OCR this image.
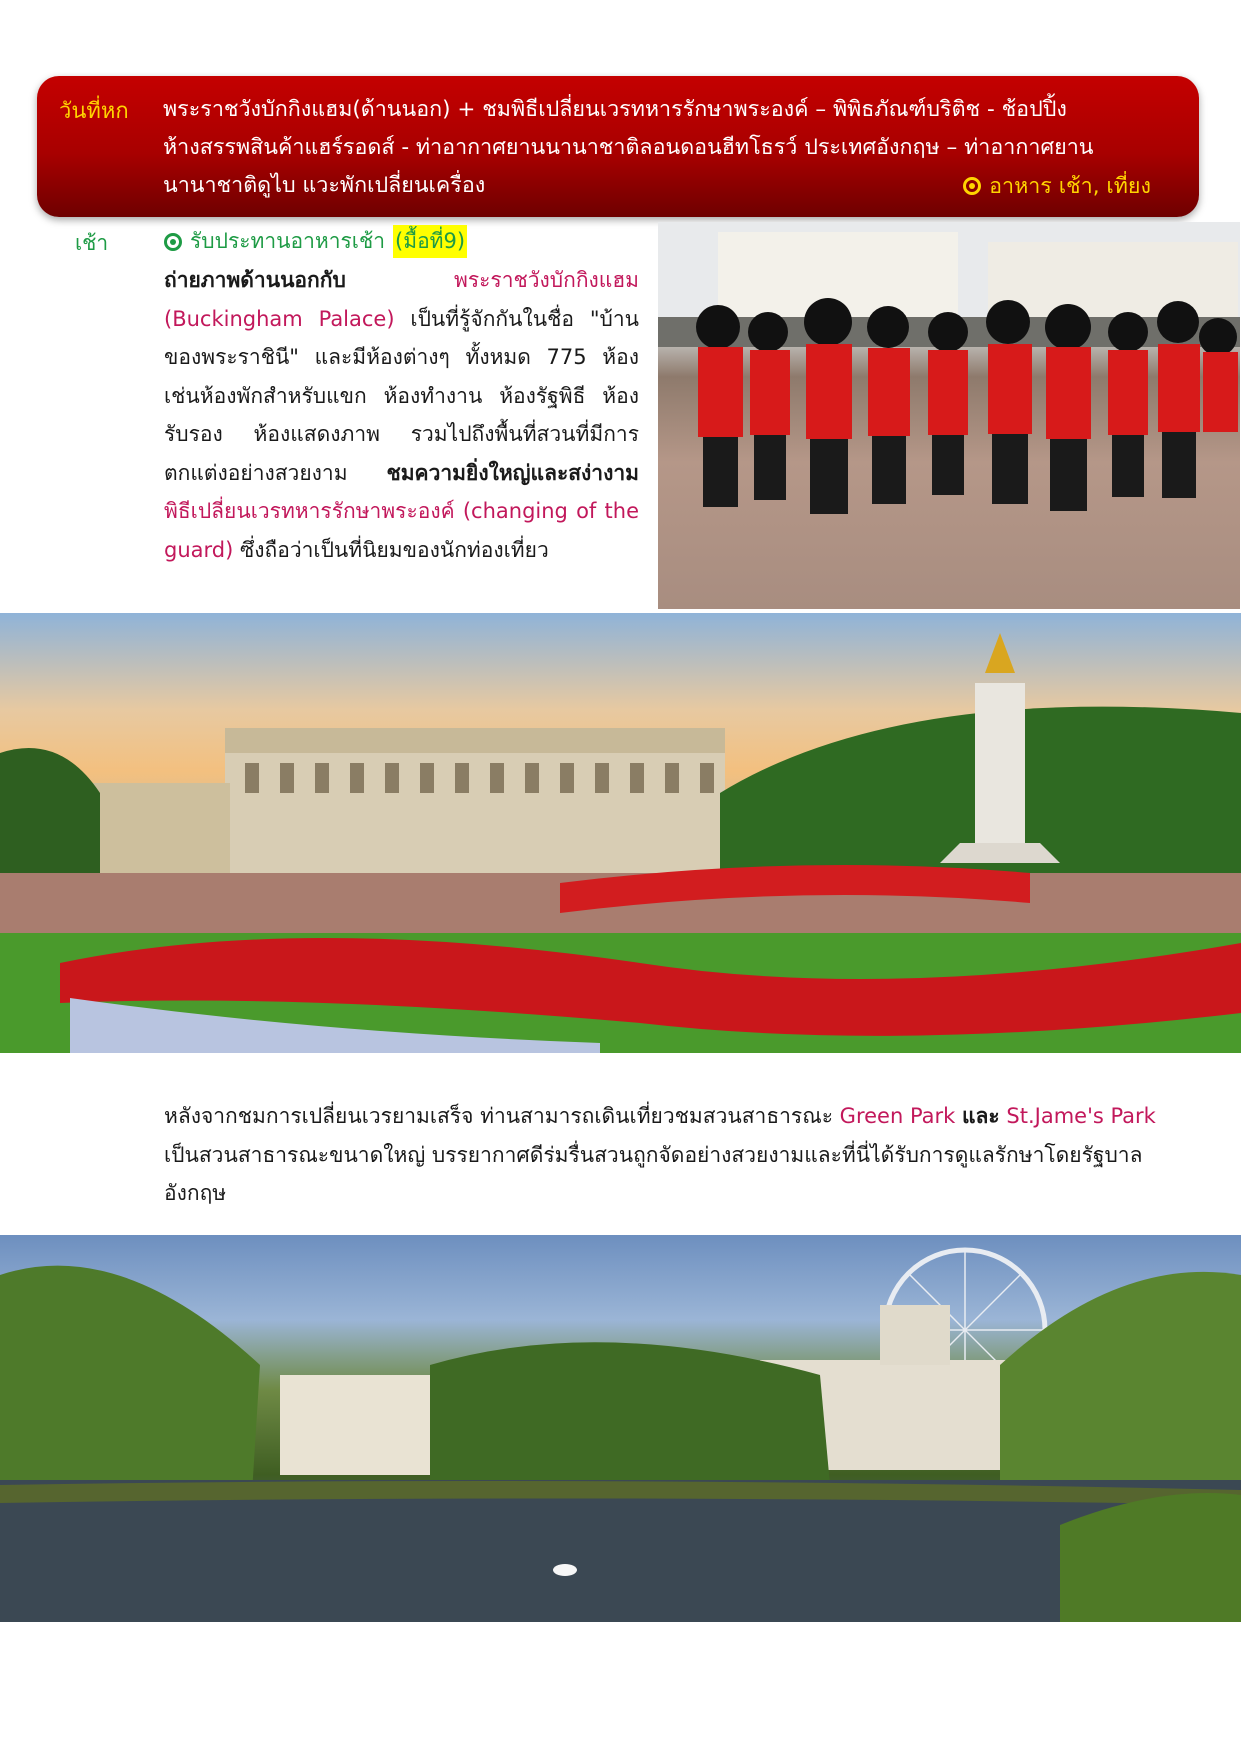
วันที่หก พระราชวังบักกิงแฮม(ด้านนอก) + ชมพิธีเปลี่ยนเวรทหารรักษาพระองค์ – พิพิธภัณฑ์บริติช - ช้อปปิ้ง
ห้างสรรพสินค้าแฮร์รอดส์ - ท่าอากาศยานนานาชาติลอนดอนฮีทโธรว์ ประเทศอังกฤษ – ท่าอากาศยาน
นานาชาติดูไบ แวะพักเปลี่ยนเครื่อง	อาหาร เช้า, เที่ยง
เช้า	รับประทานอาหารเช้า (มื้อที่9)
ถ่ายภาพด้านนอกกับ	พระราชวังบักกิงแฮม (Buckingham Palace) เป็นที่รู้จักกันในชื่อ "บ้านของพระราชินี" และมีห้องต่างๆ ทั้งหมด 775 ห้อง เช่นห้องพักสำหรับแขก ห้องทำงาน ห้องรัฐพิธี ห้องรับรอง ห้องแสดงภาพ รวมไปถึงพื้นที่สวนที่มีการตกแต่งอย่างสวยงาม ชมความยิ่งใหญ่และสง่างาม พิธีเปลี่ยนเวรทหารรักษาพระองค์ (changing of the guard) ซึ่งถือว่าเป็นที่นิยมของนักท่องเที่ยว
หลังจากชมการเปลี่ยนเวรยามเสร็จ ท่านสามารถเดินเที่ยวชมสวนสาธารณะ Green Park และ St.Jame's Park เป็นสวนสาธารณะขนาดใหญ่ บรรยากาศดีร่มรื่นสวนถูกจัดอย่างสวยงามและที่นี่ได้รับการดูแลรักษาโดยรัฐบาลอังกฤษ
